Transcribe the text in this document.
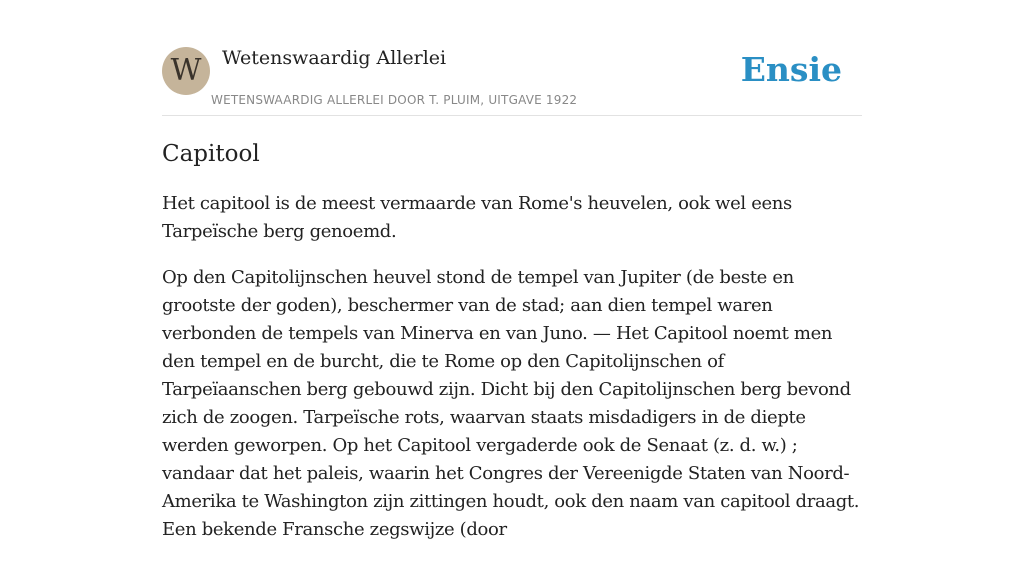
W	Wetenswaardig Allerlei
WETENSWAARDIG ALLERLEI DOOR T. PLUIM, UITGAVE 1922
Ensie
Capitool

Het capitool is de meest vermaarde van Rome's heuvelen, ook wel eens Tarpeïsche berg genoemd.

Op den Capitolijnschen heuvel stond de tempel van Jupiter (de beste en grootste der goden), beschermer van de stad; aan dien tempel waren verbonden de tempels van Minerva en van Juno. — Het Capitool noemt men den tempel en de burcht, die te Rome op den Capitolijnschen of Tarpeïaanschen berg gebouwd zijn. Dicht bij den Capitolijnschen berg bevond zich de zoogen. Tarpeïsche rots, waarvan staats misdadigers in de diepte werden geworpen. Op het Capitool vergaderde ook de Senaat (z. d. w.) ; vandaar dat het paleis, waarin het Congres der Vereenigde Staten van Noord-Amerika te Washington zijn zittingen houdt, ook den naam van capitool draagt. Een bekende Fransche zegswijze (door
